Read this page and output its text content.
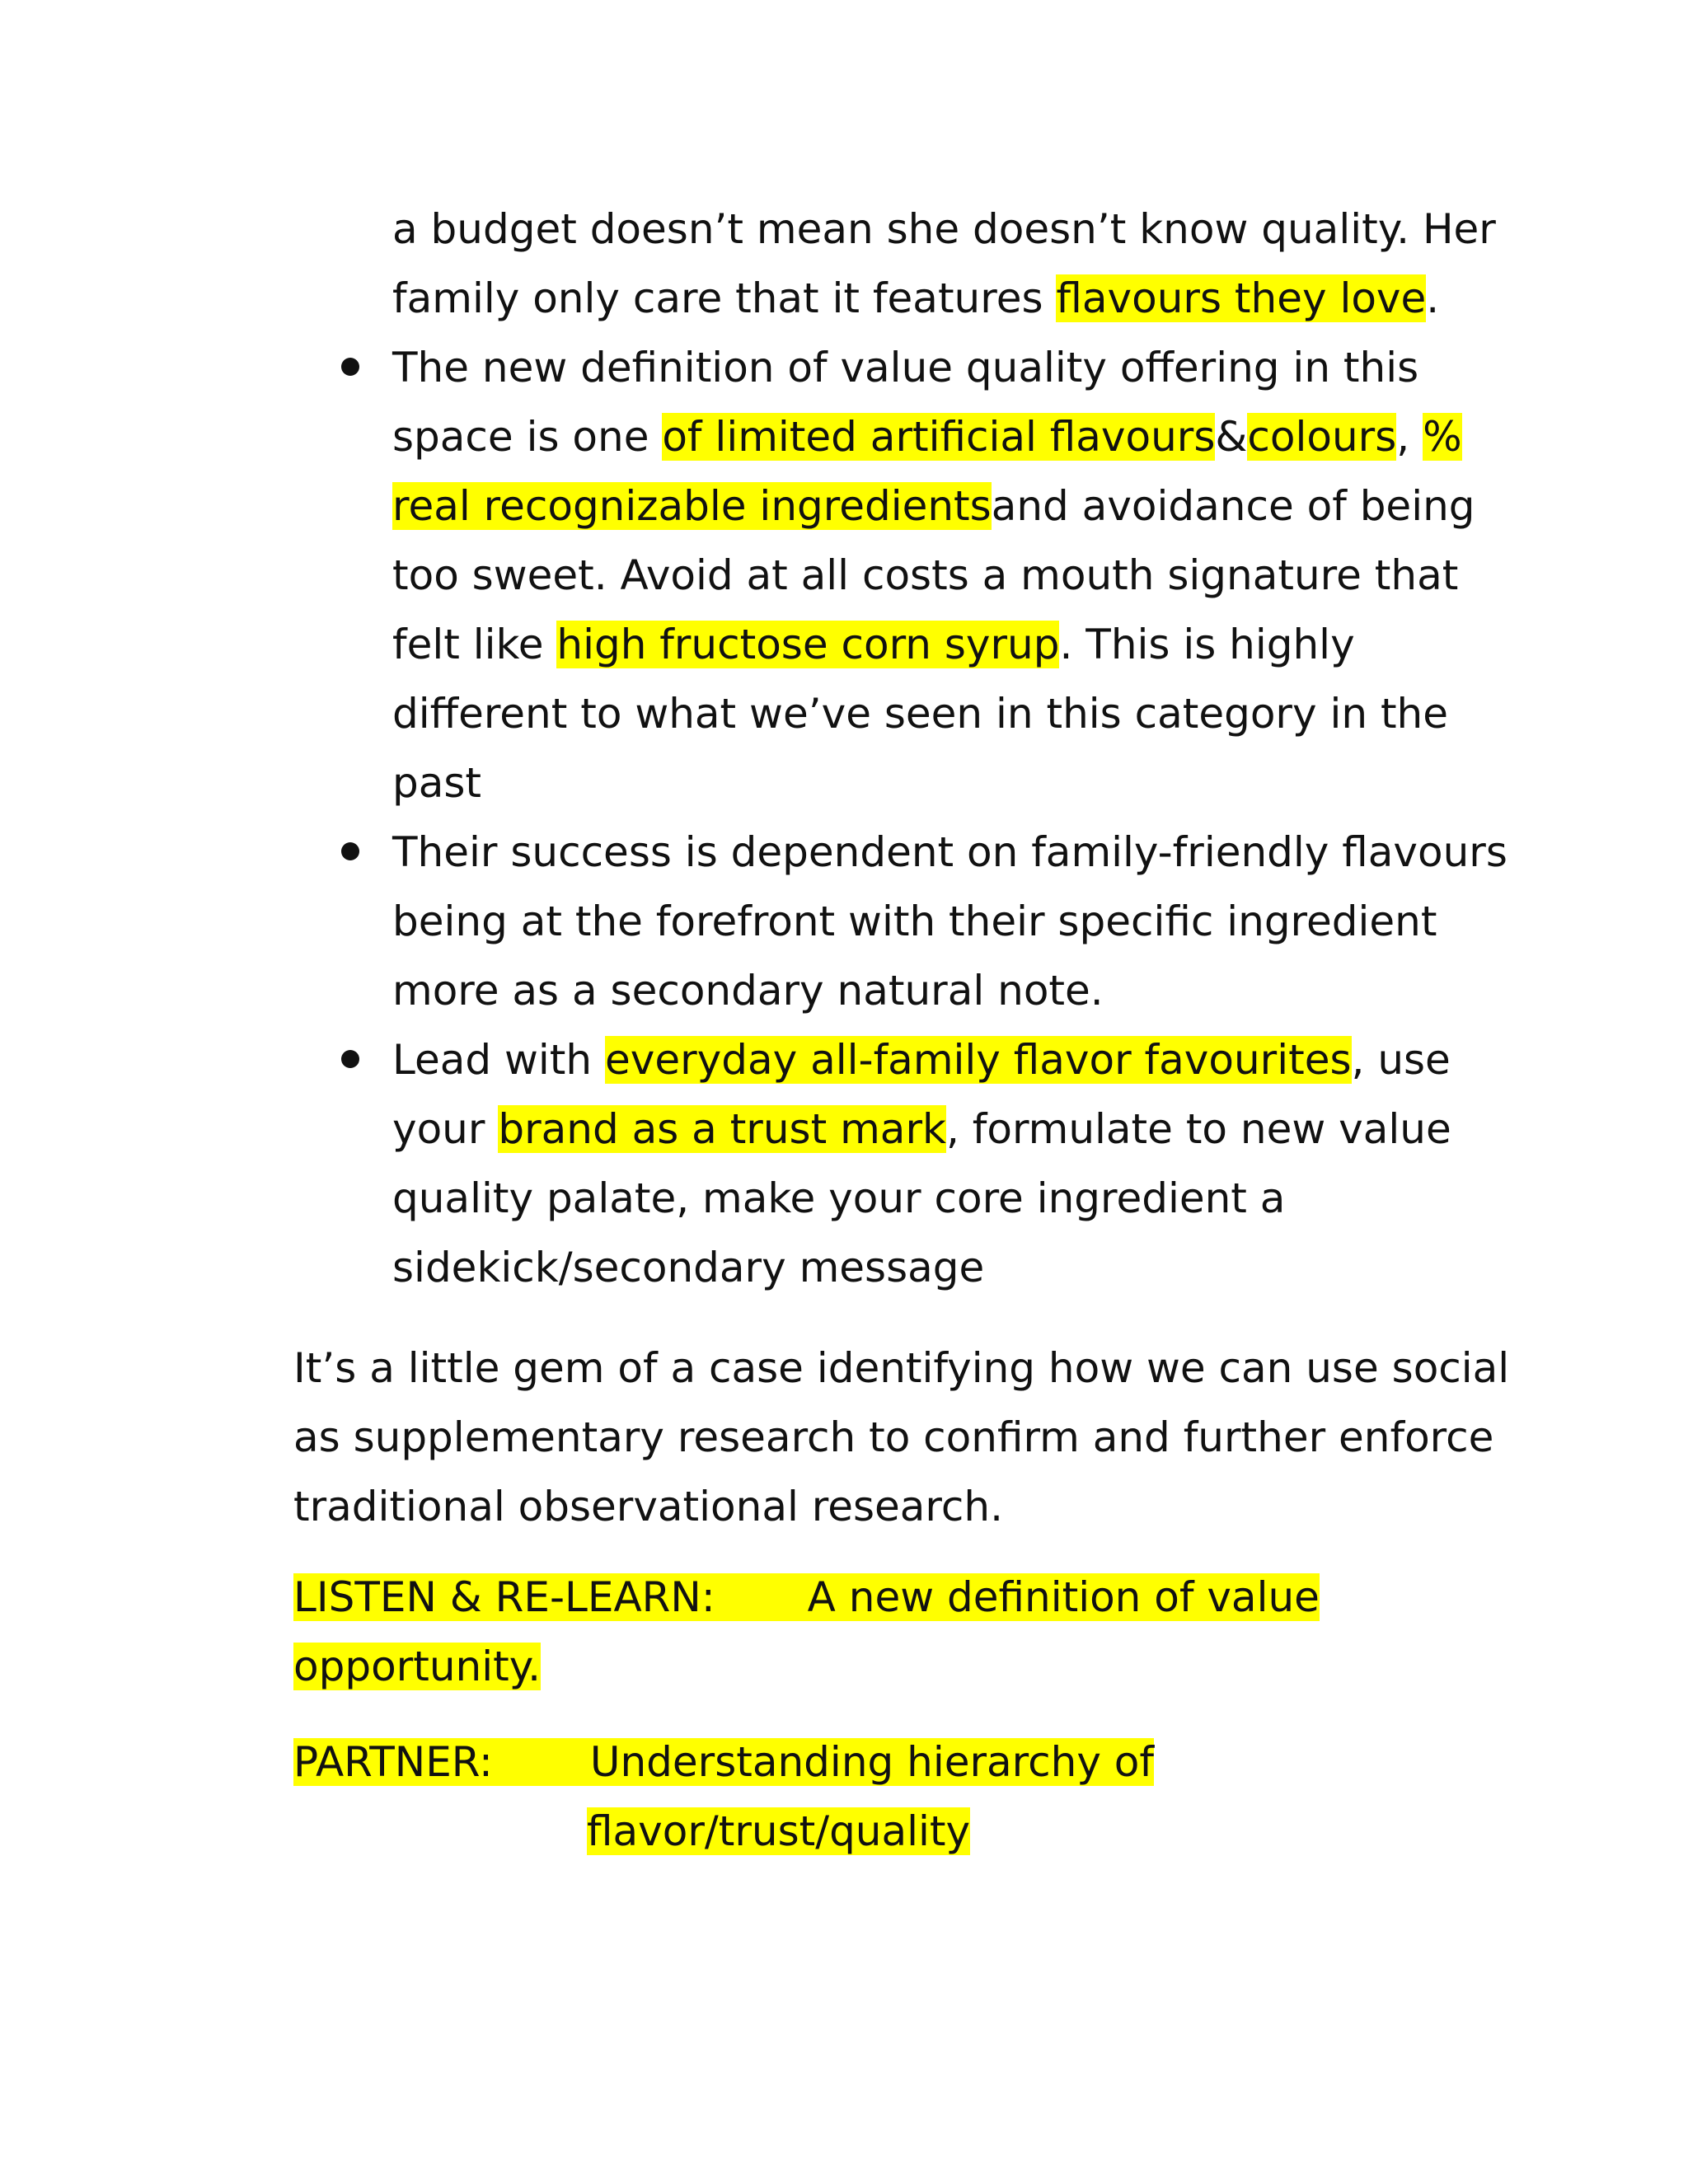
a budget doesn’t mean she doesn’t know quality. Her
family only care that it features flavours they love.
The new definition of value quality offering in this
space is one of limited artificial flavours&colours, %
real recognizable ingredientsand avoidance of being
too sweet. Avoid at all costs a mouth signature that
felt like high fructose corn syrup. This is highly
different to what we’ve seen in this category in the
past
Their success is dependent on family-friendly flavours
being at the forefront with their specific ingredient
more as a secondary natural note.
Lead with everyday all-family flavor favourites, use
your brand as a trust mark, formulate to new value
quality palate, make your core ingredient a
sidekick/secondary message
It’s a little gem of a case identifying how we can use social
as supplementary research to confirm and further enforce
traditional observational research.
LISTEN & RE-LEARN: A new definition of value
opportunity.
PARTNER: Understanding hierarchy of
flavor/trust/quality
